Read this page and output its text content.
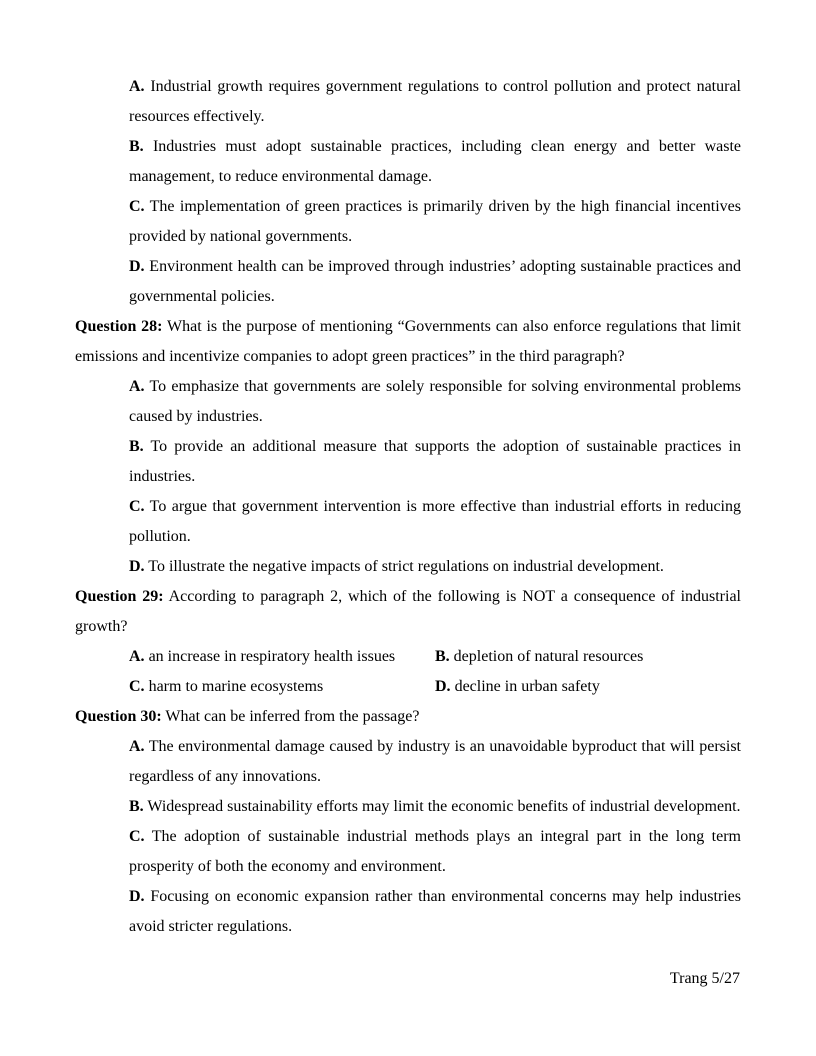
A. Industrial growth requires government regulations to control pollution and protect natural resources effectively.

B. Industries must adopt sustainable practices, including clean energy and better waste management, to reduce environmental damage.

C. The implementation of green practices is primarily driven by the high financial incentives provided by national governments.

D. Environment health can be improved through industries’ adopting sustainable practices and governmental policies.

Question 28: What is the purpose of mentioning “Governments can also enforce regulations that limit emissions and incentivize companies to adopt green practices” in the third paragraph?

A. To emphasize that governments are solely responsible for solving environmental problems caused by industries.

B. To provide an additional measure that supports the adoption of sustainable practices in industries.

C. To argue that government intervention is more effective than industrial efforts in reducing pollution.

D. To illustrate the negative impacts of strict regulations on industrial development.

Question 29: According to paragraph 2, which of the following is NOT a consequence of industrial growth?

A. an increase in respiratory health issues	B. depletion of natural resources
C. harm to marine ecosystems	D. decline in urban safety

Question 30: What can be inferred from the passage?

A. The environmental damage caused by industry is an unavoidable byproduct that will persist regardless of any innovations.

B. Widespread sustainability efforts may limit the economic benefits of industrial development.

C. The adoption of sustainable industrial methods plays an integral part in the long term prosperity of both the economy and environment.

D. Focusing on economic expansion rather than environmental concerns may help industries avoid stricter regulations.

Trang 5/27
